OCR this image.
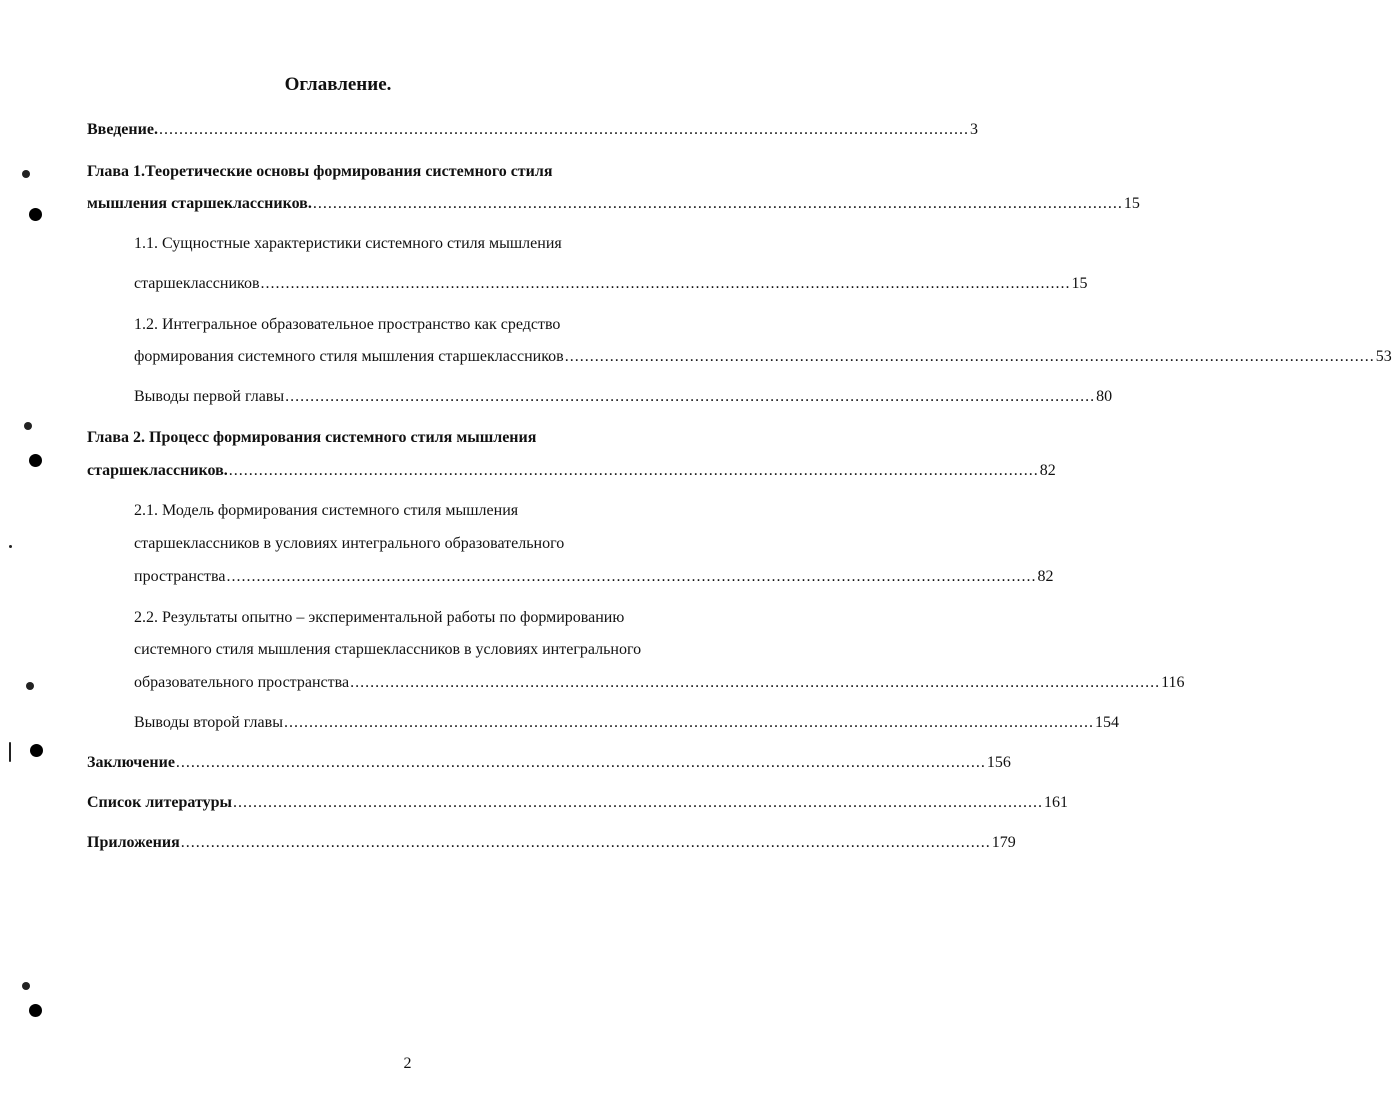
Оглавление.
Введение. .................................................................................................................................................................. 3
Глава 1.Теоретические основы формирования системного стиля
мышления старшеклассников. .................................................................................................................................................................. 15
1.1. Сущностные характеристики системного стиля мышления
старшеклассников .................................................................................................................................................................. 15
1.2. Интегральное образовательное пространство как средство
формирования системного стиля мышления старшеклассников .................................................................................................................................................................. 53
Выводы первой главы .................................................................................................................................................................. 80
Глава 2. Процесс формирования системного стиля мышления
старшеклассников. .................................................................................................................................................................. 82
2.1. Модель формирования системного стиля мышления
старшеклассников в условиях интегрального образовательного
пространства .................................................................................................................................................................. 82
2.2. Результаты опытно – экспериментальной работы по формированию
системного стиля мышления старшеклассников в условиях интегрального
образовательного пространства .................................................................................................................................................................. 116
Выводы второй главы .................................................................................................................................................................. 154
Заключение .................................................................................................................................................................. 156
Список литературы .................................................................................................................................................................. 161
Приложения .................................................................................................................................................................. 179
2
